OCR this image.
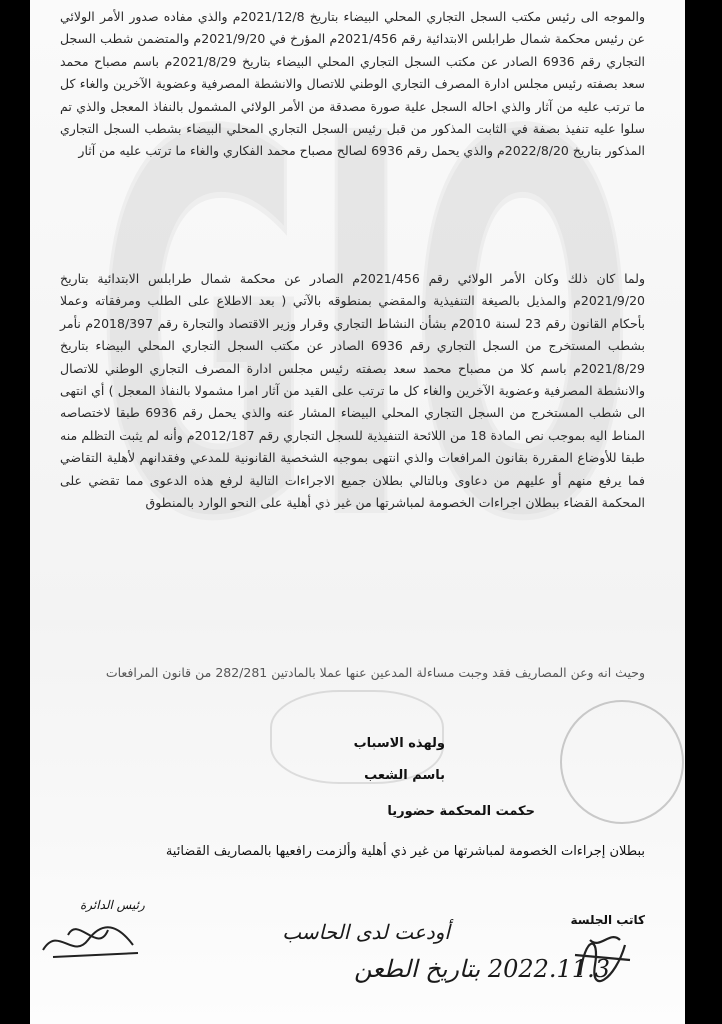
GIO

والموجه الى رئيس مكتب السجل التجاري المحلي البيضاء بتاريخ 2021/12/8م والذي مفاده صدور الأمر الولائي عن رئيس محكمة شمال طرابلس الابتدائية رقم 2021/456م المؤرخ في 2021/9/20م والمتضمن شطب السجل التجاري رقم 6936 الصادر عن مكتب السجل التجاري المحلي البيضاء بتاريخ 2021/8/29م باسم مصباح محمد سعد بصفته رئيس مجلس ادارة المصرف التجاري الوطني للاتصال والانشطة المصرفية وعضوية الآخرين والغاء كل ما ترتب عليه من آثار والذي احاله السجل علية صورة مصدقة من الأمر الولائي المشمول بالنفاذ المعجل والذي تم سلوا عليه تنفيذ بصفة في الثابت المذكور من قبل رئيس السجل التجاري المحلي البيضاء بشطب السجل التجاري المذكور بتاريخ 2022/8/20م والذي يحمل رقم 6936 لصالح مصباح محمد الفكاري والغاء ما ترتب عليه من آثار

ولما كان ذلك وكان الأمر الولائي رقم 2021/456م الصادر عن محكمة شمال طرابلس الابتدائية بتاريخ 2021/9/20م والمذيل بالصيغة التنفيذية والمقضي بمنطوقه بالآتي ( بعد الاطلاع على الطلب ومرفقاته وعملا بأحكام القانون رقم 23 لسنة 2010م بشأن النشاط التجاري وقرار وزير الاقتصاد والتجارة رقم 2018/397م نأمر بشطب المستخرج من السجل التجاري رقم 6936 الصادر عن مكتب السجل التجاري المحلي البيضاء بتاريخ 2021/8/29م باسم كلا من مصباح محمد سعد بصفته رئيس مجلس ادارة المصرف التجاري الوطني للاتصال والانشطة المصرفية وعضوية الآخرين والغاء كل ما ترتب على القيد من آثار امرا مشمولا بالنفاذ المعجل ) أي انتهى الى شطب المستخرج من السجل التجاري المحلي البيضاء المشار عنه والذي يحمل رقم 6936 طبقا لاختصاصه المناط اليه بموجب نص المادة 18 من اللائحة التنفيذية للسجل التجاري رقم 2012/187م وأنه لم يثبت التظلم منه طبقا للأوضاع المقررة بقانون المرافعات والذي انتهى بموجبه الشخصية القانونية للمدعي وفقدانهم لأهلية التقاضي فما يرفع منهم أو عليهم من دعاوى وبالتالي بطلان جميع الاجراءات التالية لرفع هذه الدعوى مما تقضي على المحكمة القضاء ببطلان اجراءات الخصومة لمباشرتها من غير ذي أهلية على النحو الوارد بالمنطوق

وحيث انه وعن المصاريف فقد وجبت مساءلة المدعين عنها عملا بالمادتين 282/281 من قانون المرافعات

ولهذه الاسباب
باسم الشعب
حكمت المحكمة حضوريا
ببطلان إجراءات الخصومة لمباشرتها من غير ذي أهلية وألزمت رافعيها بالمصاريف القضائية
رئيس الدائرة
كاتب الجلسة
أودعت لدى الحاسب
2022.11.3 بتاريخ الطعن
